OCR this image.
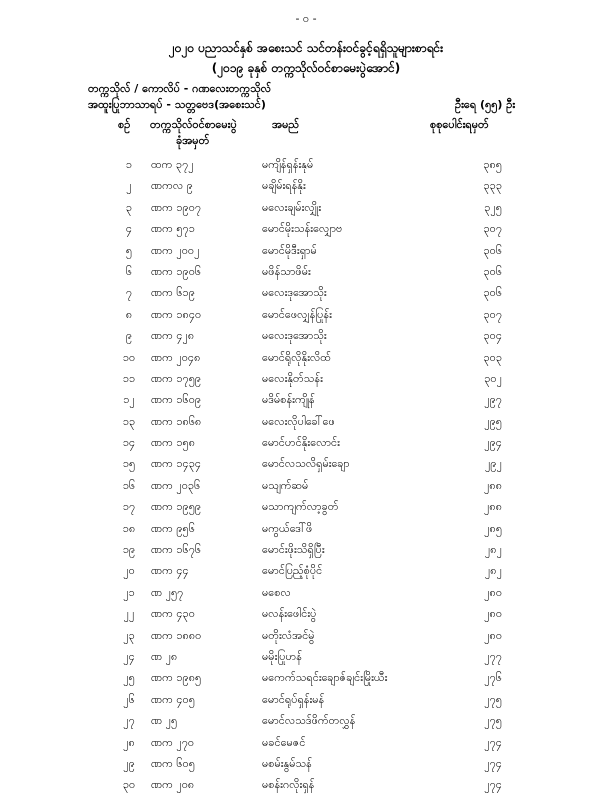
- ၀ -
၂၀၂၀ ပညာသင်နှစ် အစေးသင် သင်တန်းဝင်ခွင့်ရရှိသူများစာရင်း
(၂၀၁၉ ခုနှစ် တက္ကသိုလ်ဝင်စာမေးပွဲအောင်)
တက္ကသိုလ် / ကောလိပ် - ဂဏလေးတက္ကသိုလ်
အထူးပြုဘာသာရပ် - သတ္တဗေဒ(အစေးသင်)	ဦးရေ (၅၅) ဦး
စဉ် တက္ကသိုလ်ဝင်စာမေးပွဲ
ခုံအမှတ်
အမည်	စုစုပေါင်းရမှတ်
၁	ထက ၃၇၂	မကျိန်ရှန်းနုမ်	၃၈၅
၂	ဏကလ ၉	မချိမ်းရန်နိုး	၃၃၃
၃	ဏက ၁၉၀၇	မလေးချမ်းလျှိုး	၃၂၅
၄	ဏက ၅၇၁	မောင်မိုးသန်းလျှောဗ	၃၀၇
၅	ဏက ၂၀၀၂	မောင်မိုဒီးရှာမ်	၃၀၆
၆	ဏက ၁၉၀၆	မဖိန်သာဖိမ်း	၃၀၆
၇	ဏက ၆၁၉	မလေးဒုအောသိုး	၃၀၆
၈	ဏက ၁၈၄၀	မောင်ဖေလျှန်ပြုန်း	၃၀၇
၉	ဏက ၄၂၈	မလေးဒုအောသိုး	၃၀၄
၁၀	ဏက ၂၀၄၈	မောင်ရိုလိုနိုးလိထ်	၃၀၃
၁၁	ဏက ၁၇၅၉	မလေးနိုတ်သန်း	၃၀၂
၁၂	ဏက ၁၆၀၉	မဒိမ်စန်းကျိုန်	၂၉၇
၁၃	ဏက ၁၈၆၈	မလေးလိုပါခေါ်ဖေ	၂၉၅
၁၄	ဏက ၁၅၈	မောင်ဟင်နိုးလောင်း	၂၉၄
၁၅	ဏက ၁၄၃၄	မောင်လသလိရှမ်းချော	၂၉၂
၁၆	ဏက ၂၀၃၆	မသျက်ဆမ်	၂၈၈
၁၇	ဏက ၁၉၅၉	မသာကျက်လာ့ခွတ်	၂၈၈
၁၈	ဏက ၉၅၆	မကွယ်ဒေါ်ဖိ	၂၈၅
၁၉	ဏက ၁၆၇၆	မောင်းဖိုးသိရှိပြီး	၂၈၂
၂၀	ဏက ၄၄	မောင်ပြည့်စုံပိုင်	၂၈၂
၂၁	ဏ ၂၅၇	မစေလ	၂၈၀
၂၂	ဏက ၄၃၀	မလန်းဖေါင်းပွဲ	၂၈၀
၂၃	ဏက ၁၈၈၀	မတိုးလံအင်မွဲ	၂၈၀
၂၄	ဏ ၂၈	မမိုးပြုဟန်	၂၇၇
၂၅	ဏက ၁၉၈၅	မကေက်သရင်းချောဇ်ချင်းမြိုးယီး	၂၇၆
၂၆	ဏက ၄၀၅	မောင်ရုပ်ရှန်းမန်	၂၇၅
၂၇	ဏ ၂၅	မောင်လသဒ်ဖိက်တလွှန်	၂၇၅
၂၈	ဏက ၂၇၀	မခင်မေဇင်	၂၇၄
၂၉	ဏက ၆၀၅	မစမ်းနွမ်သန်	၂၇၄
၃၀	ဏက ၂၀၈	မစန်းဂလိုးရှန်	၂၇၄
